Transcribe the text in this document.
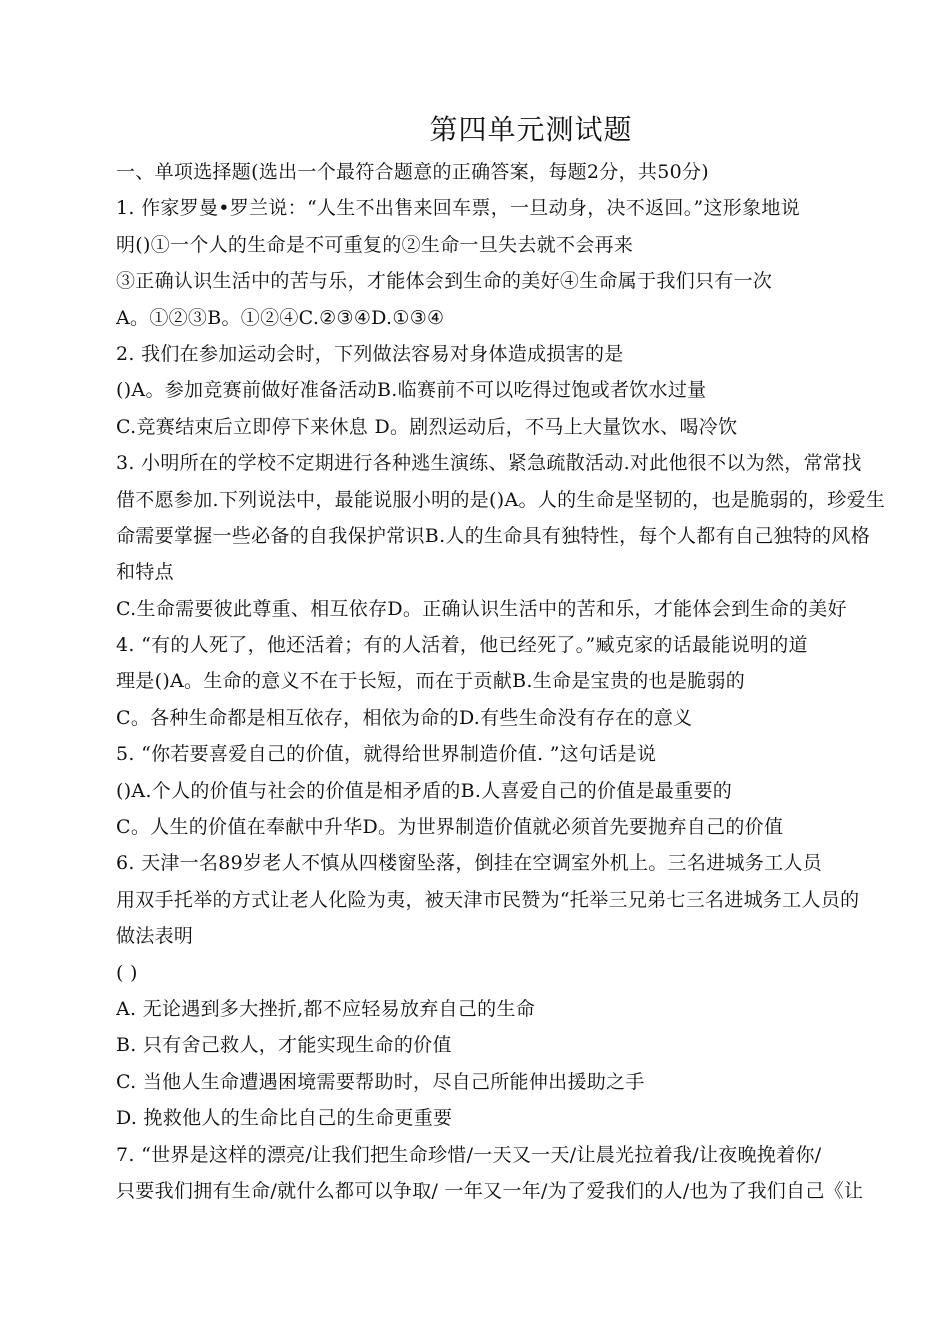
第四单元测试题
一、单项选择题(选出一个最符合题意的正确答案，每题2分，共50分)
1. 作家罗曼•罗兰说：“人生不出售来回车票，一旦动身，决不返回。”这形象地说
明()①一个人的生命是不可重复的②生命一旦失去就不会再来
③正确认识生活中的苦与乐，才能体会到生命的美好④生命属于我们只有一次
A。①②③B。①②④C.②③④D.①③④
2. 我们在参加运动会时，下列做法容易对身体造成损害的是
()A。参加竞赛前做好准备活动B.临赛前不可以吃得过饱或者饮水过量
C.竞赛结束后立即停下来休息 D。剧烈运动后，不马上大量饮水、喝冷饮
3. 小明所在的学校不定期进行各种逃生演练、紧急疏散活动.对此他很不以为然，常常找
借不愿参加.下列说法中，最能说服小明的是()A。人的生命是坚韧的，也是脆弱的，珍爱生
命需要掌握一些必备的自我保护常识B.人的生命具有独特性，每个人都有自己独特的风格
和特点
C.生命需要彼此尊重、相互依存D。正确认识生活中的苦和乐，才能体会到生命的美好
4. “有的人死了，他还活着；有的人活着，他已经死了。”臧克家的话最能说明的道
理是()A。生命的意义不在于长短，而在于贡献B.生命是宝贵的也是脆弱的
C。各种生命都是相互依存，相依为命的D.有些生命没有存在的意义
5. “你若要喜爱自己的价值，就得给世界制造价值. ”这句话是说
()A.个人的价值与社会的价值是相矛盾的B.人喜爱自己的价值是最重要的
C。人生的价值在奉献中升华D。为世界制造价值就必须首先要抛弃自己的价值
6. 天津一名89岁老人不慎从四楼窗坠落，倒挂在空调室外机上。三名进城务工人员
用双手托举的方式让老人化险为夷，被天津市民赞为“托举三兄弟七三名进城务工人员的
做法表明
( )
A. 无论遇到多大挫折,都不应轻易放弃自己的生命
B. 只有舍己救人，才能实现生命的价值
C. 当他人生命遭遇困境需要帮助时，尽自己所能伸出援助之手
D. 挽救他人的生命比自己的生命更重要
7. “世界是这样的漂亮/让我们把生命珍惜/一天又一天/让晨光拉着我/让夜晚挽着你/
只要我们拥有生命/就什么都可以争取/ 一年又一年/为了爱我们的人/也为了我们自己《让
